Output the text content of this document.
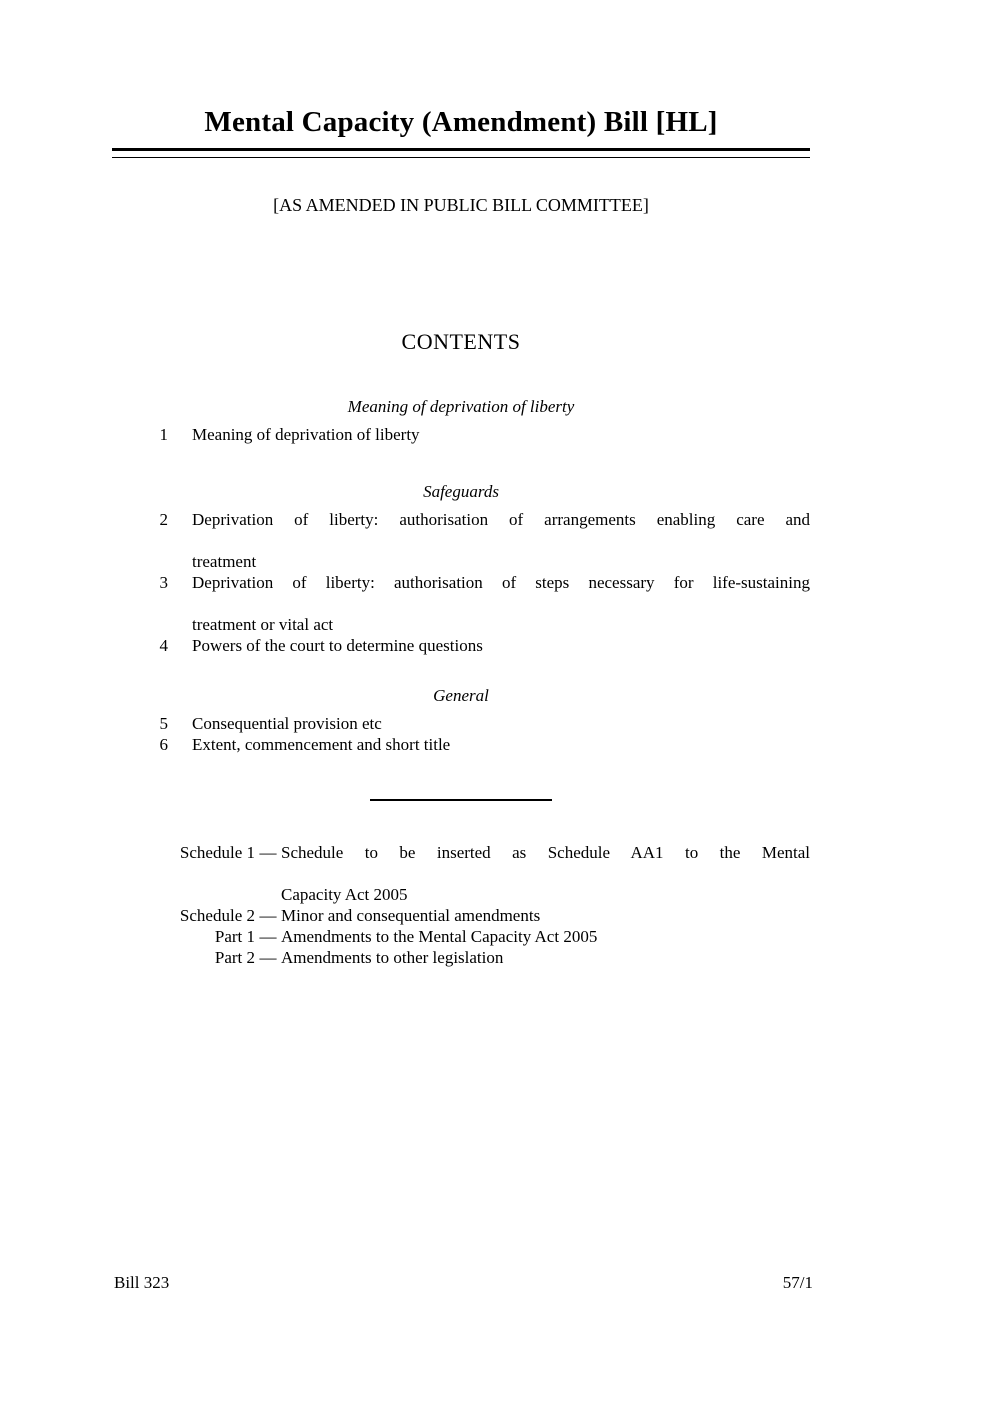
Mental Capacity (Amendment) Bill [HL]
[AS AMENDED IN PUBLIC BILL COMMITTEE]
CONTENTS
Meaning of deprivation of liberty
1 Meaning of deprivation of liberty
Safeguards
2 Deprivation of liberty: authorisation of arrangements enabling care and
treatment
3 Deprivation of liberty: authorisation of steps necessary for life-sustaining
treatment or vital act
4 Powers of the court to determine questions
General
5 Consequential provision etc
6 Extent, commencement and short title
Schedule 1 — Schedule to be inserted as Schedule AA1 to the Mental
Capacity Act 2005
Schedule 2 — Minor and consequential amendments
Part 1 — Amendments to the Mental Capacity Act 2005
Part 2 — Amendments to other legislation
Bill 323	57/1
